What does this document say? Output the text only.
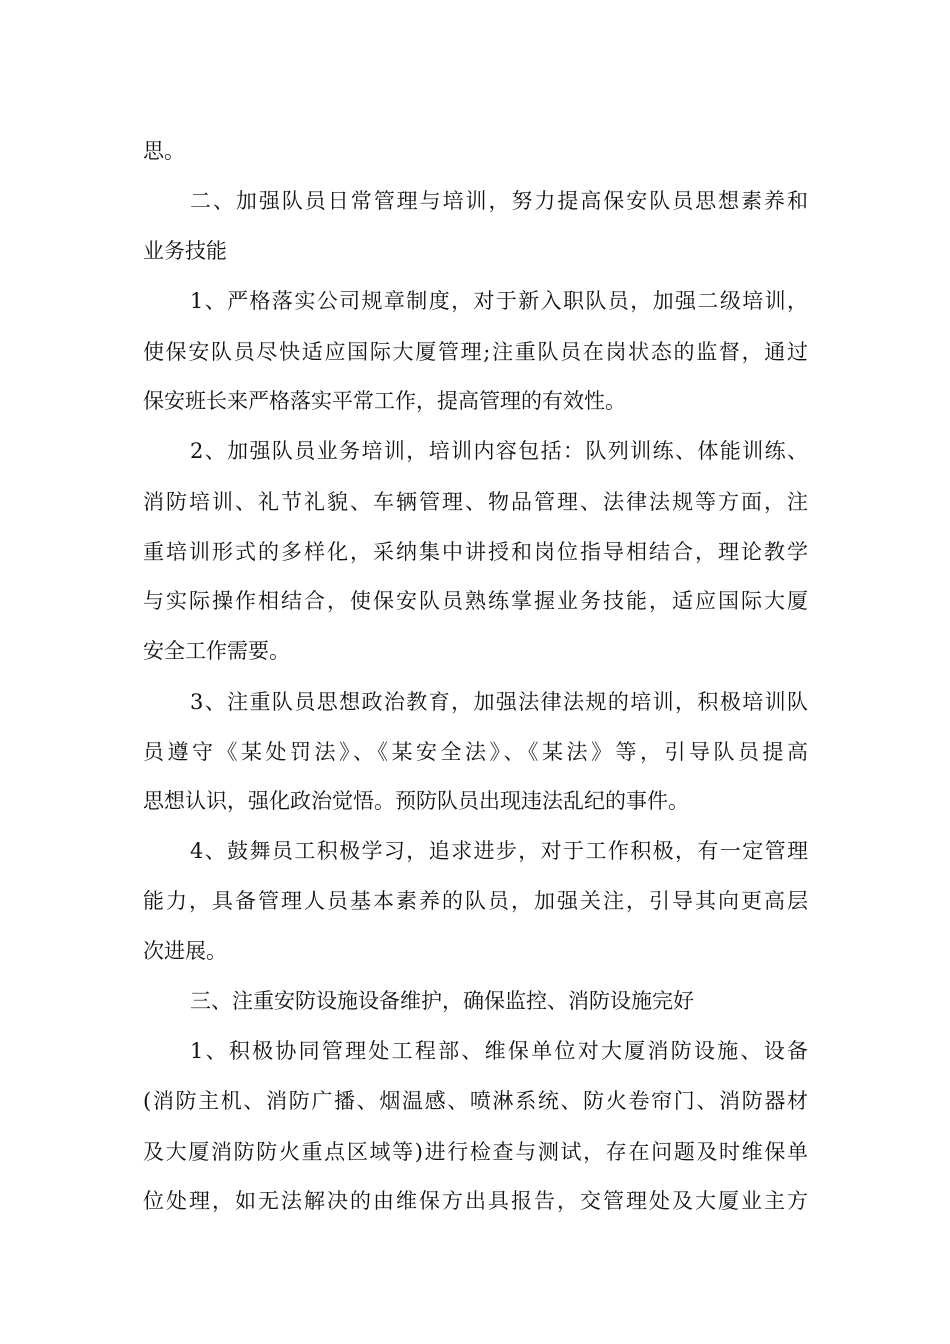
思。
二、加强队员日常管理与培训，努力提高保安队员思想素养和
业务技能
1、严格落实公司规章制度，对于新入职队员，加强二级培训，
使保安队员尽快适应国际大厦管理;注重队员在岗状态的监督，通过
保安班长来严格落实平常工作，提高管理的有效性。
2、加强队员业务培训，培训内容包括：队列训练、体能训练、
消防培训、礼节礼貌、车辆管理、物品管理、法律法规等方面，注
重培训形式的多样化，采纳集中讲授和岗位指导相结合，理论教学
与实际操作相结合，使保安队员熟练掌握业务技能，适应国际大厦
安全工作需要。
3、注重队员思想政治教育，加强法律法规的培训，积极培训队
员遵守《某处罚法》、《某安全法》、《某法》等，引导队员提高
思想认识，强化政治觉悟。预防队员出现违法乱纪的事件。
4、鼓舞员工积极学习，追求进步，对于工作积极，有一定管理
能力，具备管理人员基本素养的队员，加强关注，引导其向更高层
次进展。
三、注重安防设施设备维护，确保监控、消防设施完好
1、积极协同管理处工程部、维保单位对大厦消防设施、设备
(消防主机、消防广播、烟温感、喷淋系统、防火卷帘门、消防器材
及大厦消防防火重点区域等)进行检查与测试，存在问题及时维保单
位处理，如无法解决的由维保方出具报告，交管理处及大厦业主方
